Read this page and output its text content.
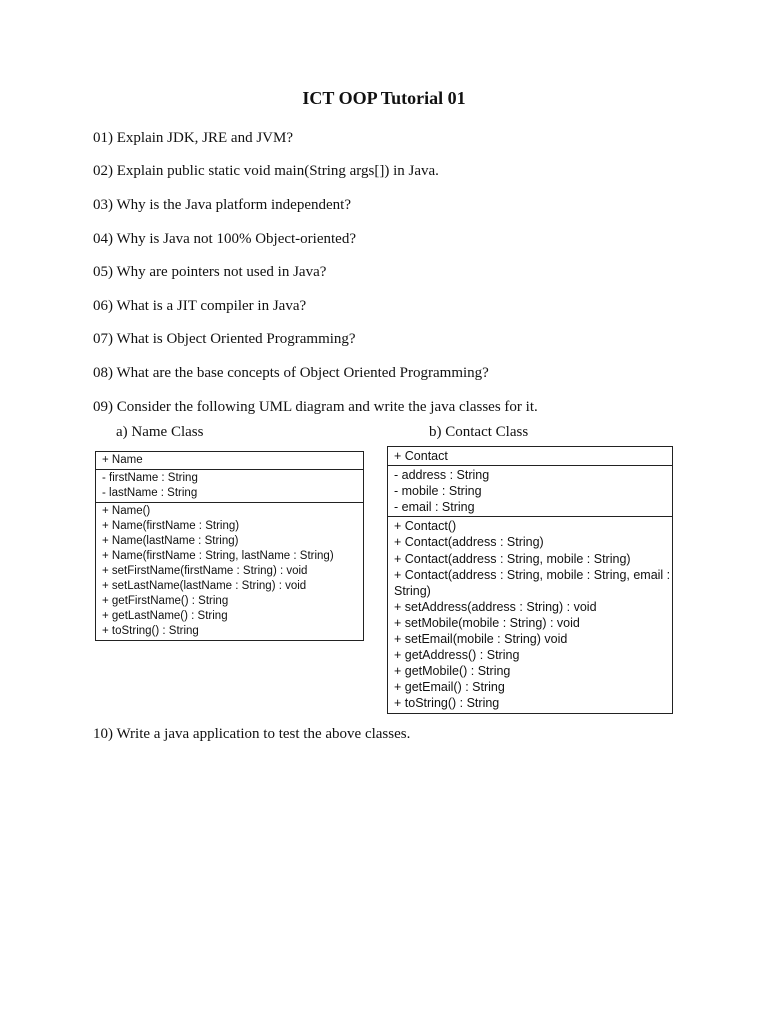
ICT OOP Tutorial 01
01) Explain JDK, JRE and JVM?
02) Explain public static void main(String args[]) in Java.
03) Why is the Java platform independent?
04) Why is Java not 100% Object-oriented?
05) Why are pointers not used in Java?
06) What is a JIT compiler in Java?
07) What is Object Oriented Programming?
08) What are the base concepts of Object Oriented Programming?
09) Consider the following UML diagram and write the java classes for it.
a) Name Class	b) Contact Class
+ Name
- firstName : String
- lastName : String
+ Name()
+ Name(firstName : String)
+ Name(lastName : String)
+ Name(firstName : String, lastName : String)
+ setFirstName(firstName : String) : void
+ setLastName(lastName : String) : void
+ getFirstName() : String
+ getLastName() : String
+ toString() : String
+ Contact
- address : String
- mobile : String
- email : String
+ Contact()
+ Contact(address : String)
+ Contact(address : String, mobile : String)
+ Contact(address : String, mobile : String, email : String)
+ setAddress(address : String) : void
+ setMobile(mobile : String) : void
+ setEmail(mobile : String) void
+ getAddress() : String
+ getMobile() : String
+ getEmail() : String
+ toString() : String
10) Write a java application to test the above classes.
